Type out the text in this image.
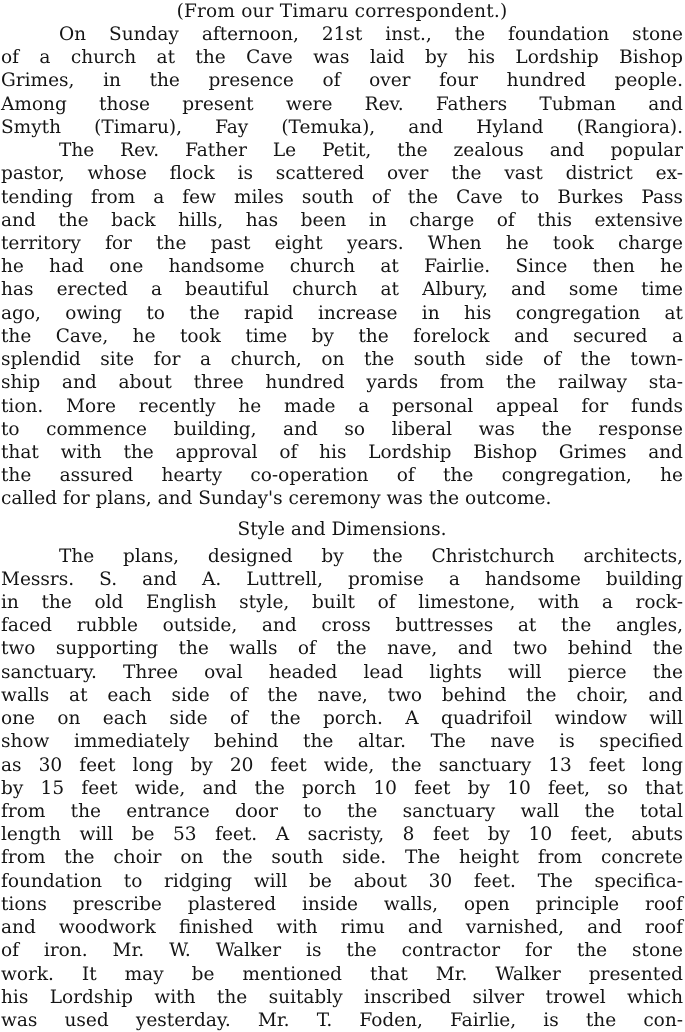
(From our Timaru correspondent.)
On Sunday afternoon, 21st inst., the foundation stone
of a church at the Cave was laid by his Lordship Bishop
Grimes, in the presence of over four hundred people.
Among those present were Rev. Fathers Tubman and
Smyth (Timaru), Fay (Temuka), and Hyland (Rangiora).
The Rev. Father Le Petit, the zealous and popular
pastor, whose flock is scattered over the vast district ex-
tending from a few miles south of the Cave to Burkes Pass
and the back hills, has been in charge of this extensive
territory for the past eight years. When he took charge
he had one handsome church at Fairlie. Since then he
has erected a beautiful church at Albury, and some time
ago, owing to the rapid increase in his congregation at
the Cave, he took time by the forelock and secured a
splendid site for a church, on the south side of the town-
ship and about three hundred yards from the railway sta-
tion. More recently he made a personal appeal for funds
to commence building, and so liberal was the response
that with the approval of his Lordship Bishop Grimes and
the assured hearty co-operation of the congregation, he
called for plans, and Sunday's ceremony was the outcome.
Style and Dimensions.
The plans, designed by the Christchurch architects,
Messrs. S. and A. Luttrell, promise a handsome building
in the old English style, built of limestone, with a rock-
faced rubble outside, and cross buttresses at the angles,
two supporting the walls of the nave, and two behind the
sanctuary. Three oval headed lead lights will pierce the
walls at each side of the nave, two behind the choir, and
one on each side of the porch. A quadrifoil window will
show immediately behind the altar. The nave is specified
as 30 feet long by 20 feet wide, the sanctuary 13 feet long
by 15 feet wide, and the porch 10 feet by 10 feet, so that
from the entrance door to the sanctuary wall the total
length will be 53 feet. A sacristy, 8 feet by 10 feet, abuts
from the choir on the south side. The height from concrete
foundation to ridging will be about 30 feet. The specifica-
tions prescribe plastered inside walls, open principle roof
and woodwork finished with rimu and varnished, and roof
of iron. Mr. W. Walker is the contractor for the stone
work. It may be mentioned that Mr. Walker presented
his Lordship with the suitably inscribed silver trowel which
was used yesterday. Mr. T. Foden, Fairlie, is the con-
